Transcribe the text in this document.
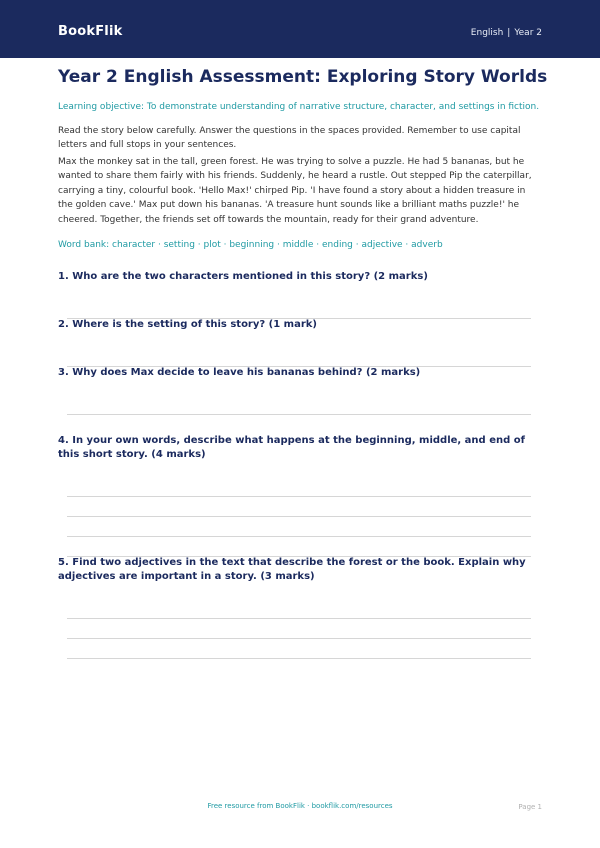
BookFlik	English | Year 2
Year 2 English Assessment: Exploring Story Worlds
Learning objective: To demonstrate understanding of narrative structure, character, and settings in fiction.
Read the story below carefully. Answer the questions in the spaces provided. Remember to use capital letters and full stops in your sentences.
Max the monkey sat in the tall, green forest. He was trying to solve a puzzle. He had 5 bananas, but he wanted to share them fairly with his friends. Suddenly, he heard a rustle. Out stepped Pip the caterpillar, carrying a tiny, colourful book. 'Hello Max!' chirped Pip. 'I have found a story about a hidden treasure in the golden cave.' Max put down his bananas. 'A treasure hunt sounds like a brilliant maths puzzle!' he cheered. Together, the friends set off towards the mountain, ready for their grand adventure.
Word bank: character · setting · plot · beginning · middle · ending · adjective · adverb
1. Who are the two characters mentioned in this story? (2 marks)
2. Where is the setting of this story? (1 mark)
3. Why does Max decide to leave his bananas behind? (2 marks)
4. In your own words, describe what happens at the beginning, middle, and end of this short story. (4 marks)
5. Find two adjectives in the text that describe the forest or the book. Explain why adjectives are important in a story. (3 marks)
Free resource from BookFlik · bookflik.com/resources	Page 1
